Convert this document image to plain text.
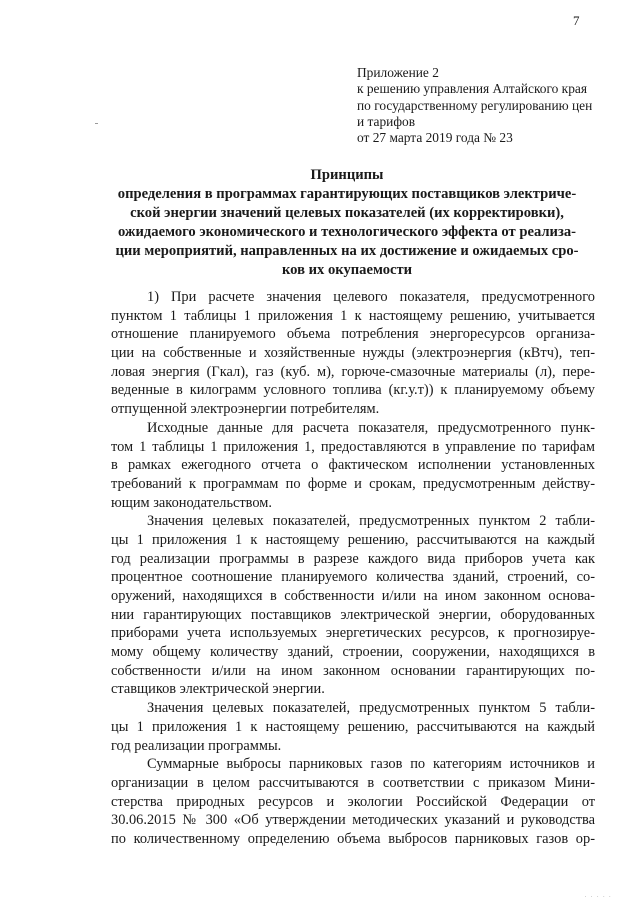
7
Приложение 2
к решению управления Алтайского края
по государственному регулированию цен
и тарифов
от 27 марта 2019 года № 23
Принципы
определения в программах гарантирующих поставщиков электриче-
ской энергии значений целевых показателей (их корректировки),
ожидаемого экономического и технологического эффекта от реализа-
ции мероприятий, направленных на их достижение и ожидаемых сро-
ков их окупаемости
1) При расчете значения целевого показателя, предусмотренного
пунктом 1 таблицы 1 приложения 1 к настоящему решению, учитывается
отношение планируемого объема потребления энергоресурсов организа-
ции на собственные и хозяйственные нужды (электроэнергия (кВтч), теп-
ловая энергия (Гкал), газ (куб. м), горюче-смазочные материалы (л), пере-
веденные в килограмм условного топлива (кг.у.т)) к планируемому объему
отпущенной электроэнергии потребителям.
Исходные данные для расчета показателя, предусмотренного пунк-
том 1 таблицы 1 приложения 1, предоставляются в управление по тарифам
в рамках ежегодного отчета о фактическом исполнении установленных
требований к программам по форме и срокам, предусмотренным действу-
ющим законодательством.
Значения целевых показателей, предусмотренных пунктом 2 табли-
цы 1 приложения 1 к настоящему решению, рассчитываются на каждый
год реализации программы в разрезе каждого вида приборов учета как
процентное соотношение планируемого количества зданий, строений, со-
оружений, находящихся в собственности и/или на ином законном основа-
нии гарантирующих поставщиков электрической энергии, оборудованных
приборами учета используемых энергетических ресурсов, к прогнозируе-
мому общему количеству зданий, строении, сооружении, находящихся в
собственности и/или на ином законном основании гарантирующих по-
ставщиков электрической энергии.
Значения целевых показателей, предусмотренных пунктом 5 табли-
цы 1 приложения 1 к настоящему решению, рассчитываются на каждый
год реализации программы.
Суммарные выбросы парниковых газов по категориям источников и
организации в целом рассчитываются в соответствии с приказом Мини-
стерства природных ресурсов и экологии Российской Федерации от
30.06.2015 № 300 «Об утверждении методических указаний и руководства
по количественному определению объема выбросов парниковых газов ор-
· · · · ·
